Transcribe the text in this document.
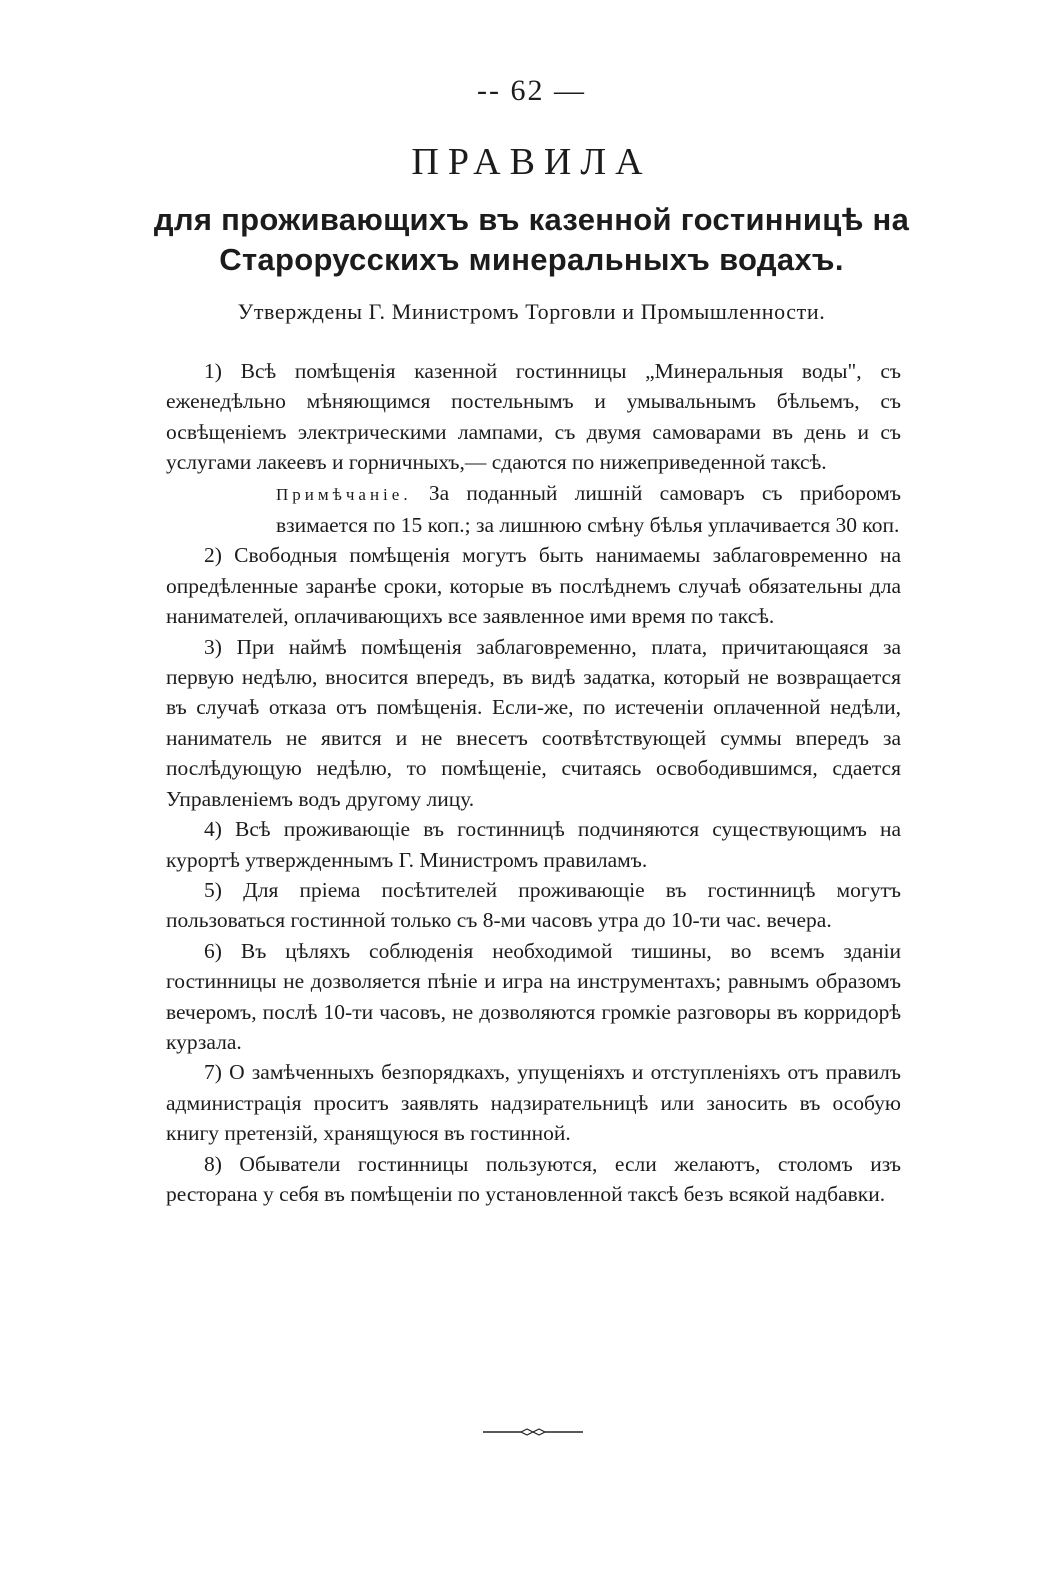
-- 62 —
ПРАВИЛА
для проживающихъ въ казенной гостинницѣ на Старорусскихъ минеральныхъ водахъ.
Утверждены Г. Министромъ Торговли и Промышленности.

1) Всѣ помѣщенія казенной гостинницы „Минеральныя воды", съ еженедѣльно мѣняющимся постельнымъ и умывальнымъ бѣльемъ, съ освѣщеніемъ электрическими лампами, съ двумя самоварами въ день и съ услугами лакеевъ и горничныхъ,— сдаются по нижеприведенной таксѣ.

Примѣчаніе. За поданный лишній самоваръ съ приборомъ взимается по 15 коп.; за лишнюю смѣну бѣлья уплачивается 30 коп.

2) Свободныя помѣщенія могутъ быть нанимаемы заблаговременно на опредѣленные заранѣе сроки, которые въ послѣднемъ случаѣ обязательны дла нанимателей, оплачивающихъ все заявленное ими время по таксѣ.

3) При наймѣ помѣщенія заблаговременно, плата, причитающаяся за первую недѣлю, вносится впередъ, въ видѣ задатка, который не возвращается въ случаѣ отказа отъ помѣщенія. Если-же, по истеченіи оплаченной недѣли, наниматель не явится и не внесетъ соотвѣтствующей суммы впередъ за послѣдующую недѣлю, то помѣщеніе, считаясь освободившимся, сдается Управленіемъ водъ другому лицу.

4) Всѣ проживающіе въ гостинницѣ подчиняются существующимъ на курортѣ утвержденнымъ Г. Министромъ правиламъ.

5) Для пріема посѣтителей проживающіе въ гостинницѣ могутъ пользоваться гостинной только съ 8-ми часовъ утра до 10-ти час. вечера.

6) Въ цѣляхъ соблюденія необходимой тишины, во всемъ зданіи гостинницы не дозволяется пѣніе и игра на инструментахъ; равнымъ образомъ вечеромъ, послѣ 10-ти часовъ, не дозволяются громкіе разговоры въ корридорѣ курзала.

7) О замѣченныхъ безпорядкахъ, упущеніяхъ и отступленіяхъ отъ правилъ администрація проситъ заявлять надзирательницѣ или заносить въ особую книгу претензій, хранящуюся въ гостинной.

8) Обыватели гостинницы пользуются, если желаютъ, столомъ изъ ресторана у себя въ помѣщеніи по установленной таксѣ безъ всякой надбавки.
